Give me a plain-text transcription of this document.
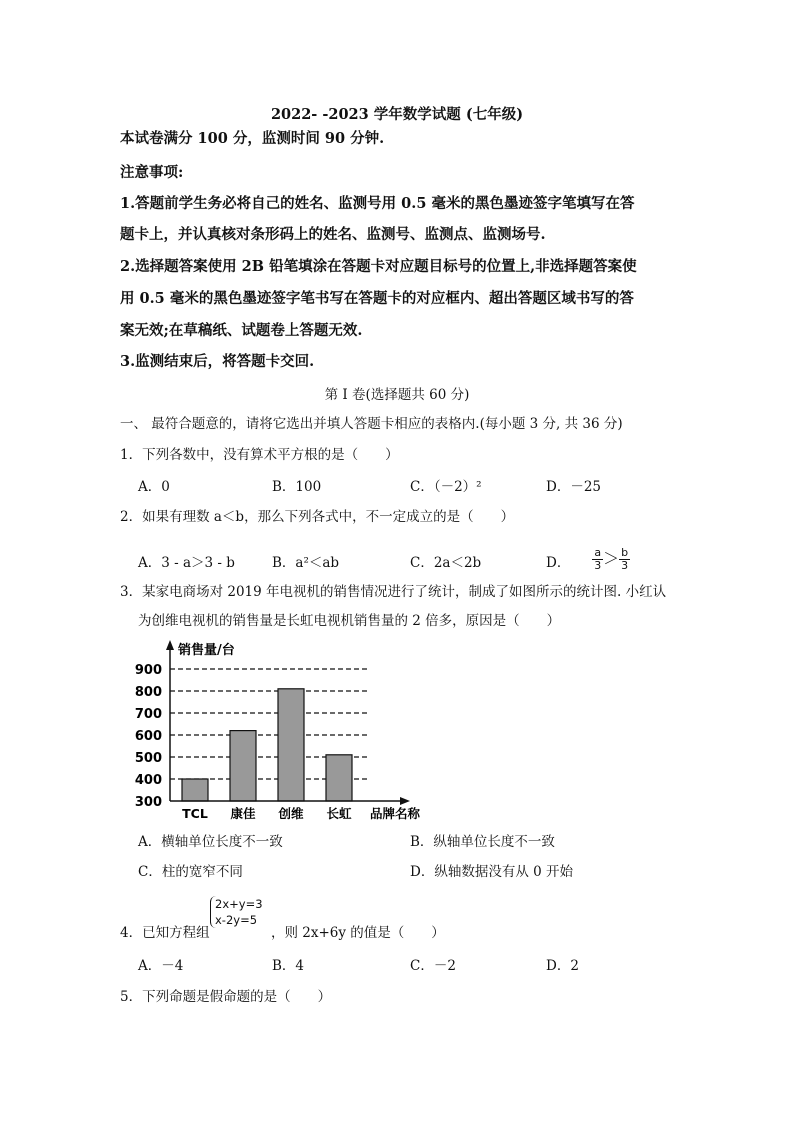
2022- -2023 学年数学试题 (七年级)
本试卷满分 100 分，监测时间 90 分钟.
注意事项:
1.答题前学生务必将自己的姓名、监测号用 0.5 毫米的黑色墨迹签字笔填写在答
题卡上，并认真核对条形码上的姓名、监测号、监测点、监测场号.
2.选择题答案使用 2B 铅笔填涂在答题卡对应题目标号的位置上,非选择题答案使
用 0.5 毫米的黑色墨迹签字笔书写在答题卡的对应框内、超出答题区域书写的答
案无效;在草稿纸、试题卷上答题无效.
3.监测结束后，将答题卡交回.
第 I 卷(选择题共 60 分)
一、 最符合题意的，请将它选出并填人答题卡相应的表格内.(每小题 3 分, 共 36 分)
1．下列各数中，没有算术平方根的是（　　）
A．0	B．100	C．（－2）²	D．－25
2．如果有理数 a＜b，那么下列各式中，不一定成立的是（　　）
A．3 - a＞3 - b	B．a²＜ab	C．2a＜2b	D． $\frac{a}{3} > \frac{b}{3}$
3．某家电商场对 2019 年电视机的销售情况进行了统计，制成了如图所示的统计图. 小红认
为创维电视机的销售量是长虹电视机销售量的 2 倍多，原因是（　　）
300
400
500
600
700
800
900
TCL 康佳 创维 长虹
销售量/台
品牌名称
A．横轴单位长度不一致	B．纵轴单位长度不一致
C．柱的宽窄不同	D．纵轴数据没有从 0 开始
2x+y=3
x-2y=5
4．已知方程组	，则 2x+6y 的值是（　　）
A．－4	B．4	C．－2	D．2
5．下列命题是假命题的是（　　）
